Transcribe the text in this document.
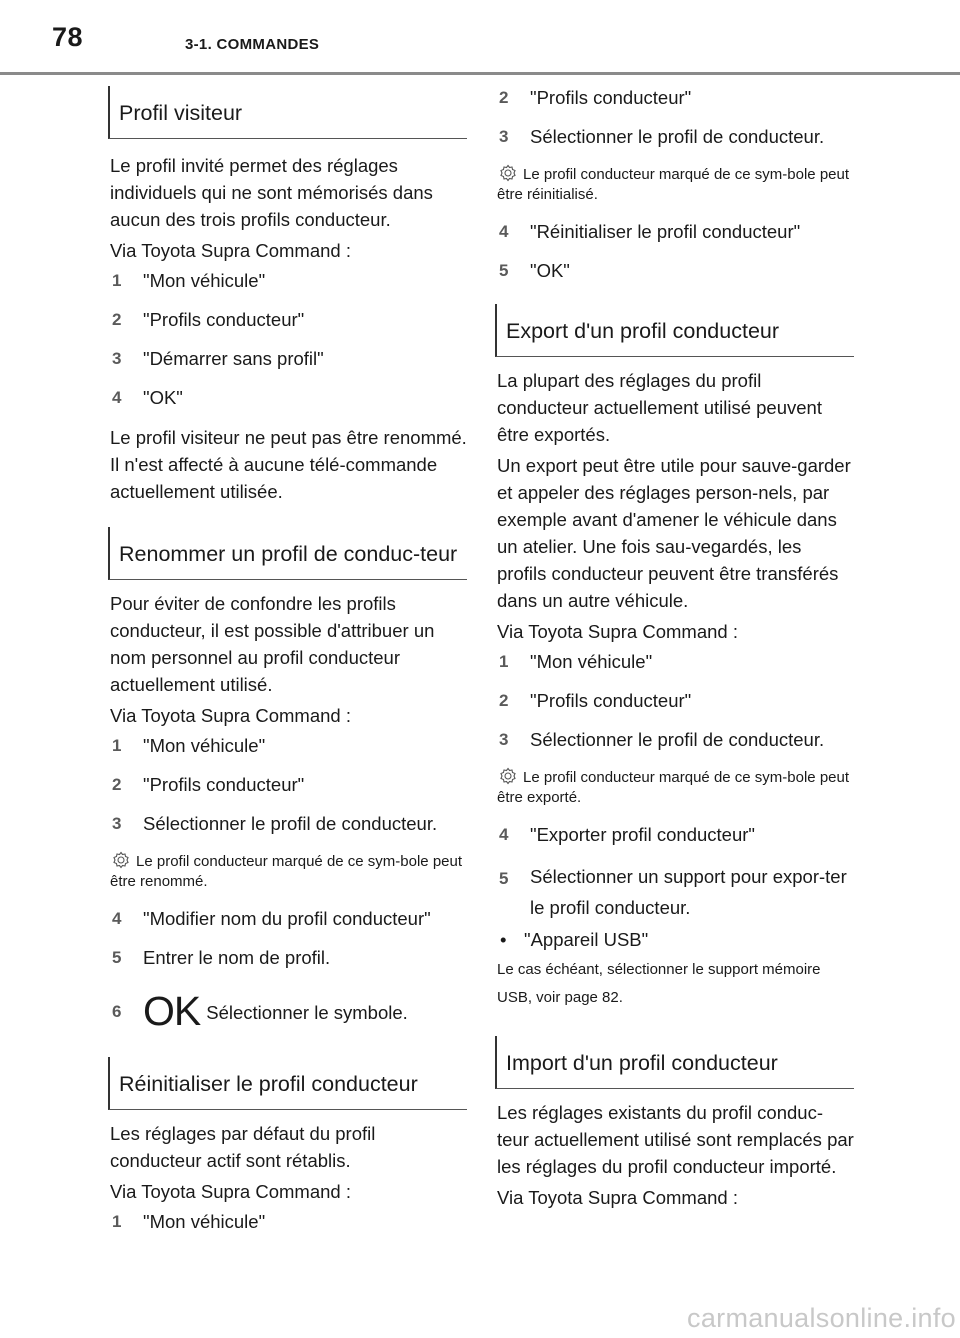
78	3-1. COMMANDES
Profil visiteur

Le profil invité permet des réglages individuels qui ne sont mémorisés dans aucun des trois profils conducteur.

Via Toyota Supra Command :

1 "Mon véhicule"
2 "Profils conducteur"
3 "Démarrer sans profil"
4 "OK"

Le profil visiteur ne peut pas être renommé. Il n'est affecté à aucune télé-commande actuellement utilisée.

Renommer un profil de conduc-teur

Pour éviter de confondre les profils conducteur, il est possible d'attribuer un nom personnel au profil conducteur actuellement utilisé.

Via Toyota Supra Command :

1 "Mon véhicule"
2 "Profils conducteur"
3 Sélectionner le profil de conducteur.
Le profil conducteur marqué de ce sym-bole peut être renommé.
4 "Modifier nom du profil conducteur"
5 Entrer le nom de profil.
6 OK Sélectionner le symbole.
Réinitialiser le profil conducteur

Les réglages par défaut du profil conducteur actif sont rétablis.

Via Toyota Supra Command :

1 "Mon véhicule"
2 "Profils conducteur"
3 Sélectionner le profil de conducteur.
Le profil conducteur marqué de ce sym-bole peut être réinitialisé.
4 "Réinitialiser le profil conducteur"
5 "OK"
Export d'un profil conducteur

La plupart des réglages du profil conducteur actuellement utilisé peuvent être exportés.

Un export peut être utile pour sauve-garder et appeler des réglages person-nels, par exemple avant d'amener le véhicule dans un atelier. Une fois sau-vegardés, les profils conducteur peuvent être transférés dans un autre véhicule.

Via Toyota Supra Command :

1 "Mon véhicule"
2 "Profils conducteur"
3 Sélectionner le profil de conducteur.
Le profil conducteur marqué de ce sym-bole peut être exporté.
4 "Exporter profil conducteur"
5 Sélectionner un support pour expor-ter le profil conducteur.
• "Appareil USB"
Le cas échéant, sélectionner le support mémoire USB, voir page 82.
Import d'un profil conducteur

Les réglages existants du profil conduc-teur actuellement utilisé sont remplacés par les réglages du profil conducteur importé.

Via Toyota Supra Command :

carmanualsonline.info
